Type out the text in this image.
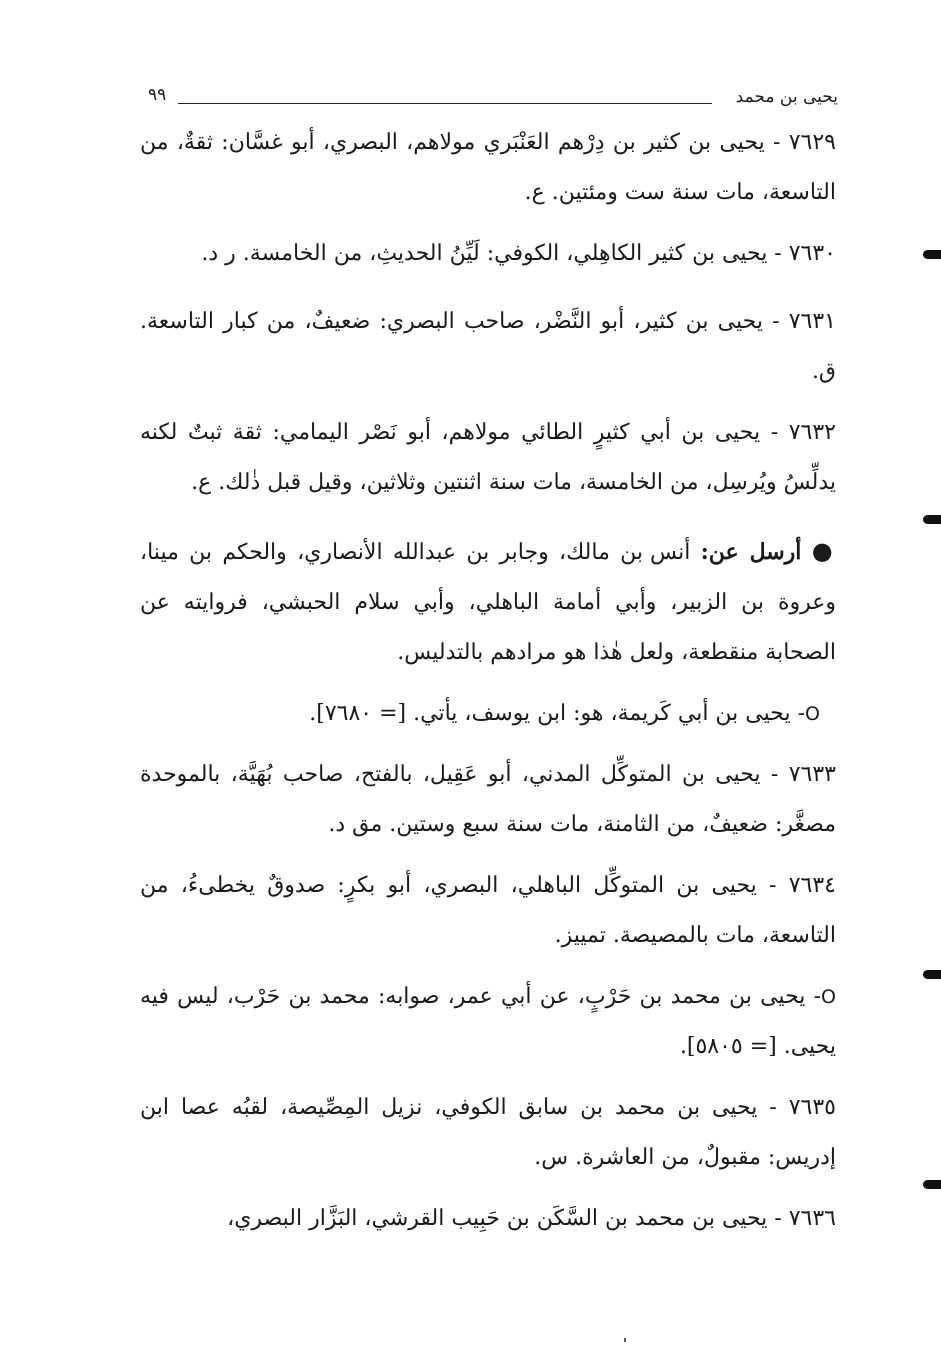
يحيى بن محمد
٩٩

٧٦٢٩ - يحيى بن كثير بن دِرْهم العَنْبَري مولاهم، البصري، أبو غسَّان: ثقةٌ، من التاسعة، مات سنة ست ومئتين. ع.

٧٦٣٠ - يحيى بن كثير الكاهِلي، الكوفي: لَيِّنُ الحديثِ، من الخامسة. ر د.

٧٦٣١ - يحيى بن كثير، أبو النَّضْر، صاحب البصري: ضعيفٌ، من كبار التاسعة. ق.

٧٦٣٢ - يحيى بن أبي كثيرٍ الطائي مولاهم، أبو نَصْر اليمامي: ثقة ثبتٌ لكنه يدلِّسُ ويُرسِل، من الخامسة، مات سنة اثنتين وثلاثين، وقيل قبل ذٰلك. ع.

● أرسل عن: أنس بن مالك، وجابر بن عبدالله الأنصاري، والحكم بن مينا، وعروة بن الزبير، وأبي أمامة الباهلي، وأبي سلام الحبشي، فروايته عن الصحابة منقطعة، ولعل هٰذا هو مرادهم بالتدليس.

O- يحيى بن أبي كَريمة، هو: ابن يوسف، يأتي. [= ٧٦٨٠].

٧٦٣٣ - يحيى بن المتوكِّل المدني، أبو عَقِيل، بالفتح، صاحب بُهَيَّة، بالموحدة مصغَّر: ضعيفٌ، من الثامنة، مات سنة سبع وستين. مق د.

٧٦٣٤ - يحيى بن المتوكِّل الباهلي، البصري، أبو بكرٍ: صدوقٌ يخطىءُ، من التاسعة، مات بالمصيصة. تمييز.

O- يحيى بن محمد بن حَرْبٍ، عن أبي عمر، صوابه: محمد بن حَرْب، ليس فيه يحيى. [= ٥٨٠٥].

٧٦٣٥ - يحيى بن محمد بن سابق الكوفي، نزيل المِصِّيصة، لقبُه عصا ابن إدريس: مقبولٌ، من العاشرة. س.

٧٦٣٦ - يحيى بن محمد بن السَّكَن بن حَبِيب القرشي، البَزَّار البصري،
